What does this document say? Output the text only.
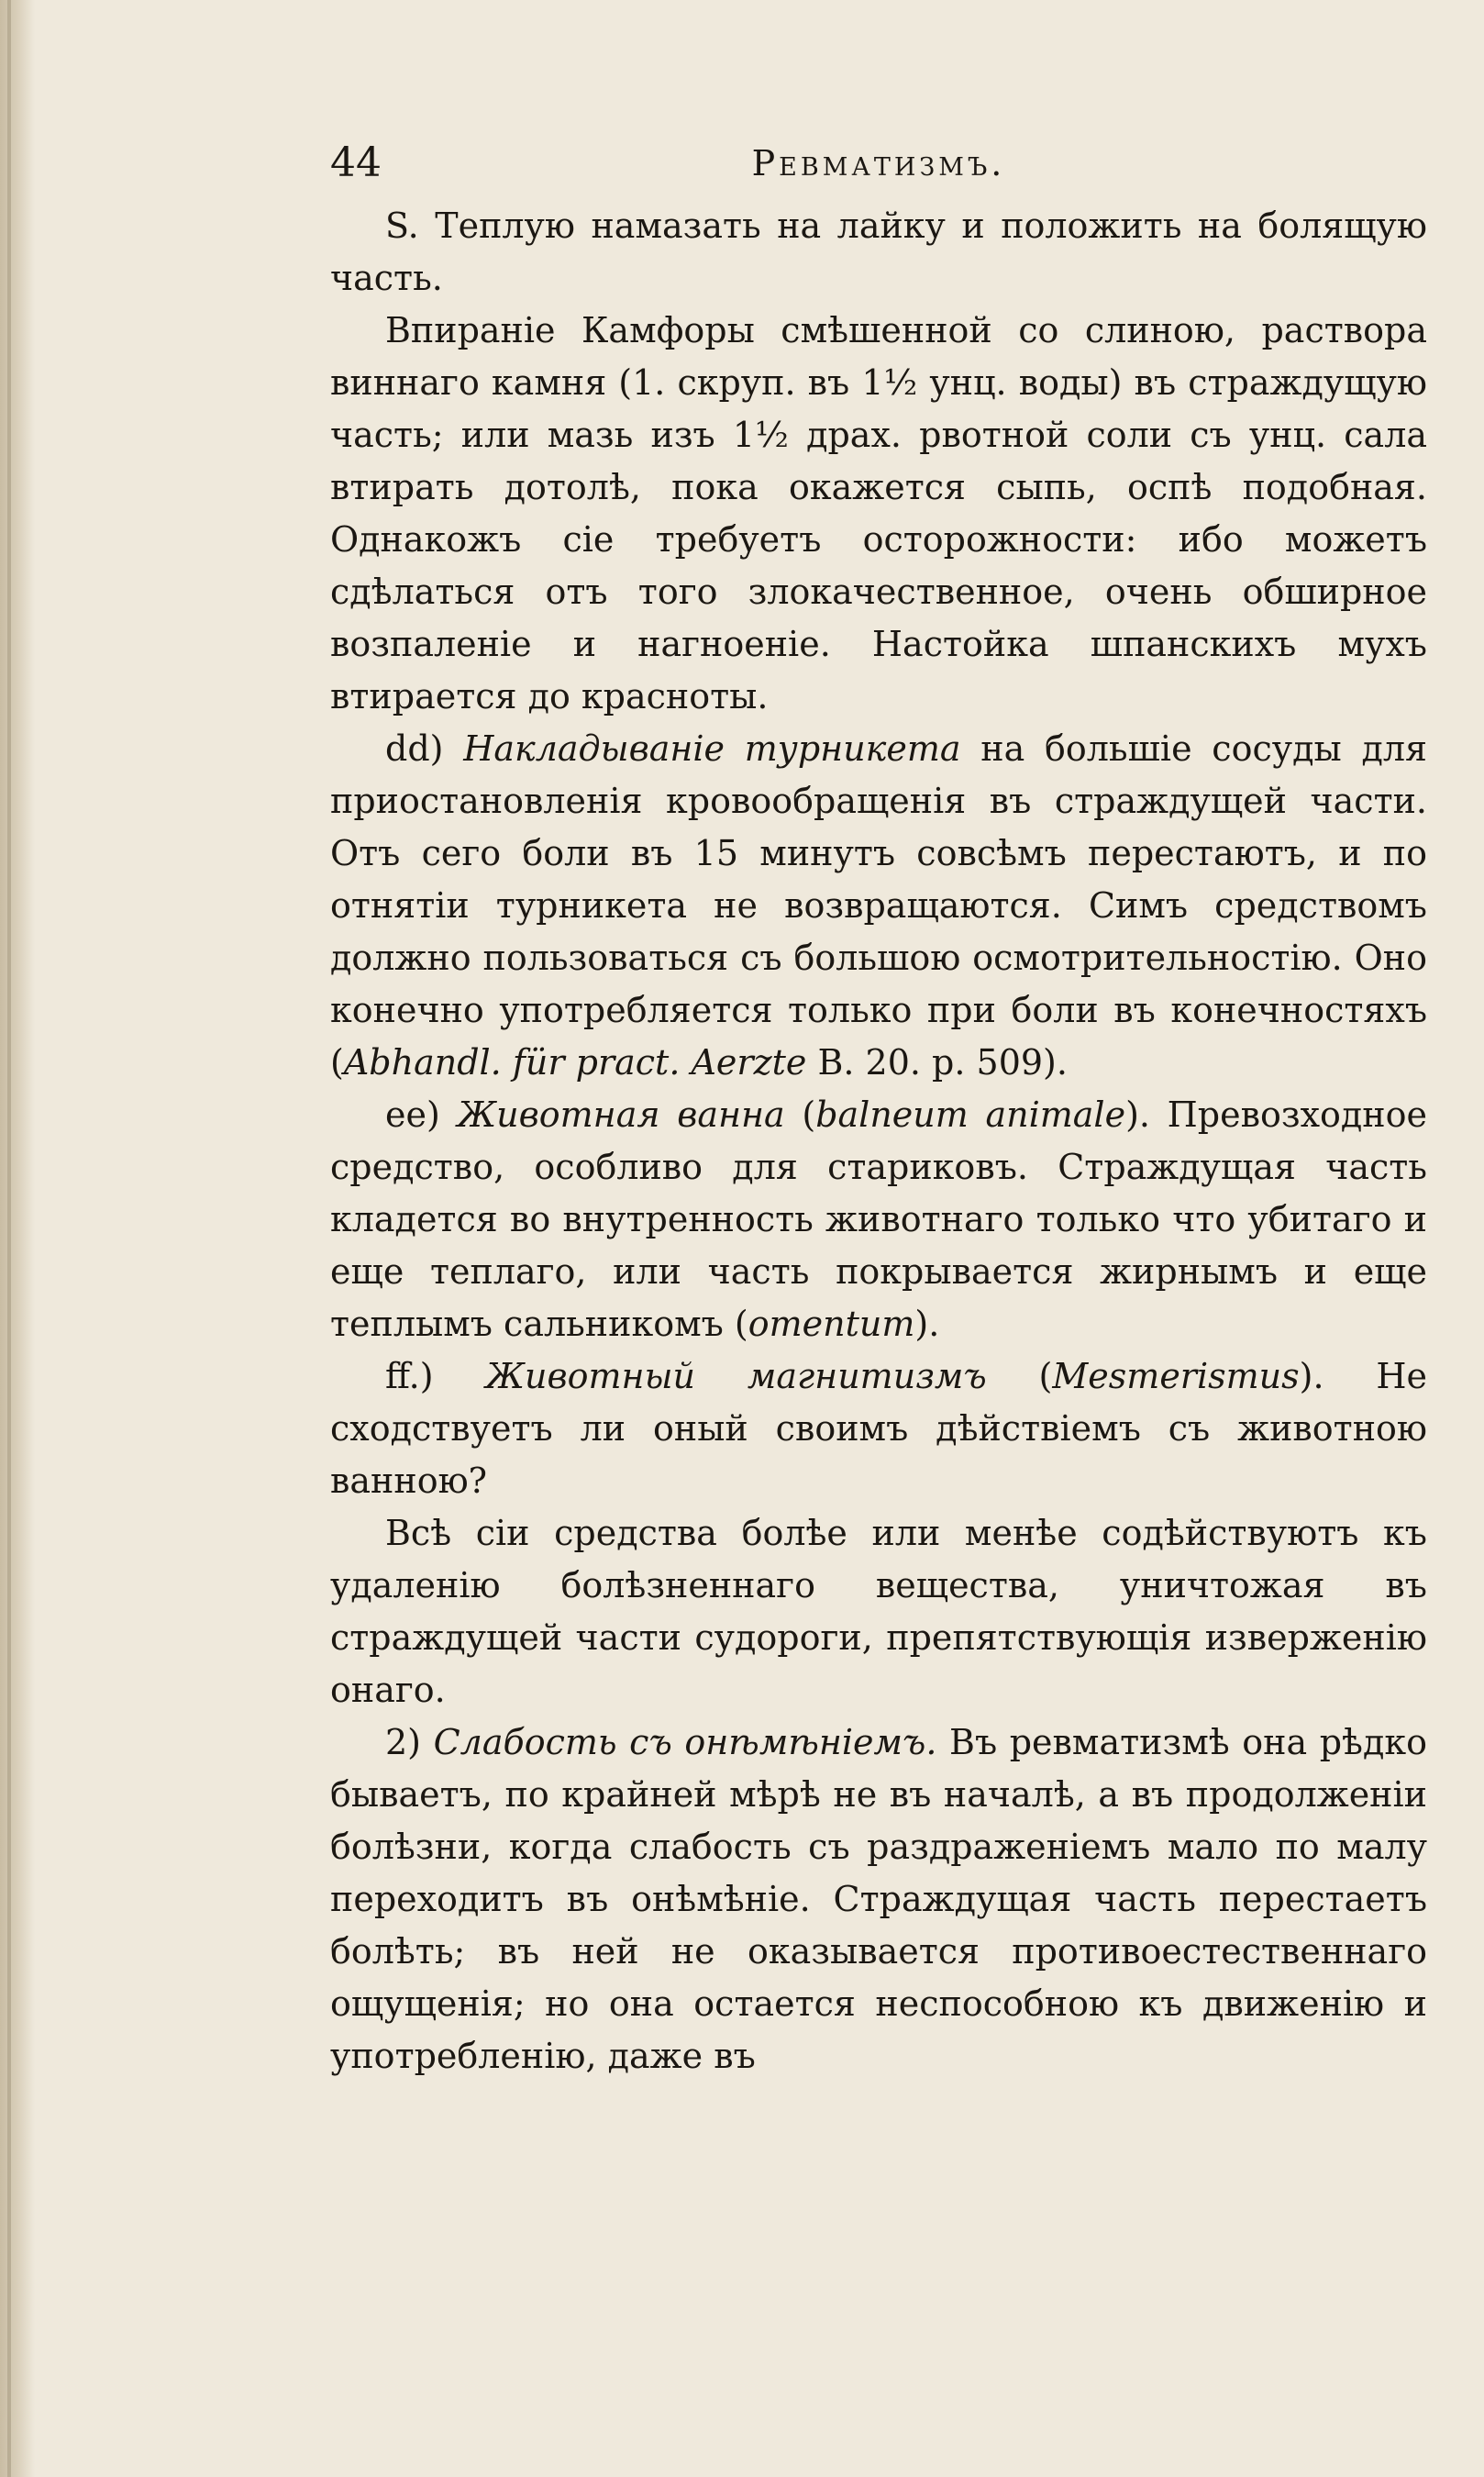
44	Ревматизмъ.

S. Теплую намазать на лайку и положить на болящую часть.

Впираніе Камфоры смѣшенной со слиною, раствора виннаго камня (1. скруп. въ 1½ унц. воды) въ страждущую часть; или мазь изъ 1½ драх. рвотной соли съ унц. сала втирать дотолѣ, пока окажется сыпь, оспѣ подобная. Однакожъ сіе требуетъ осторожности: ибо можетъ сдѣлаться отъ того злокачественное, очень обширное возпаленіе и нагноеніе. Настойка шпанскихъ мухъ втирается до красноты.

dd) Накладываніе турникета на большіе сосуды для приостановленія кровообращенія въ страждущей части. Отъ сего боли въ 15 минутъ совсѣмъ перестаютъ, и по отнятіи турникета не возвращаются. Симъ средствомъ должно пользоваться съ большою осмотрительностію. Оно конечно употребляется только при боли въ конечностяхъ (Abhandl. für pract. Aerzte B. 20. p. 509).

ee) Животная ванна (balneum animale). Превозходное средство, особливо для стариковъ. Страждущая часть кладется во внутренность животнаго только что убитаго и еще теплаго, или часть покрывается жирнымъ и еще теплымъ сальникомъ (omentum).

ff.) Животный магнитизмъ (Mesmerismus). Не сходствуетъ ли оный своимъ дѣйствіемъ съ животною ванною?

Всѣ сіи средства болѣе или менѣе содѣйствуютъ къ удаленію болѣзненнаго вещества, уничтожая въ страждущей части судороги, препятствующія изверженію онаго.

2) Слабость съ онѣмѣніемъ. Въ ревматизмѣ она рѣдко бываетъ, по крайней мѣрѣ не въ началѣ, а въ продолженіи болѣзни, когда слабость съ раздраженіемъ мало по малу переходитъ въ онѣмѣніе. Страждущая часть перестаетъ болѣть; въ ней не оказывается противоестественнаго ощущенія; но она остается неспособною къ движенію и употребленію, даже въ
